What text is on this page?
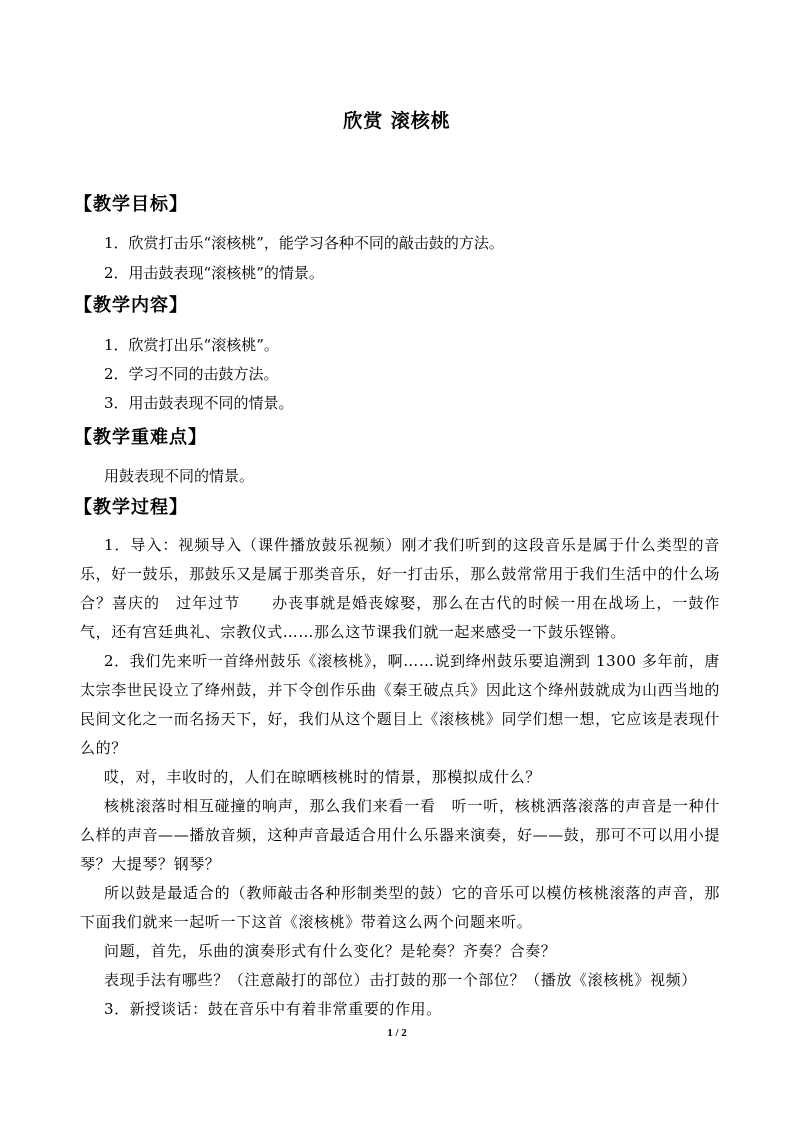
欣赏 滚核桃
【教学目标】
1．欣赏打击乐“滚核桃”，能学习各种不同的敲击鼓的方法。
2．用击鼓表现“滚核桃”的情景。
【教学内容】
1．欣赏打出乐“滚核桃”。
2．学习不同的击鼓方法。
3．用击鼓表现不同的情景。
【教学重难点】
用鼓表现不同的情景。
【教学过程】
1．导入：视频导入（课件播放鼓乐视频）刚才我们听到的这段音乐是属于什么类型的音乐，好一鼓乐，那鼓乐又是属于那类音乐，好一打击乐，那么鼓常常用于我们生活中的什么场合？喜庆的　过年过节　　办丧事就是婚丧嫁娶，那么在古代的时候一用在战场上，一鼓作气，还有宫廷典礼、宗教仪式……那么这节课我们就一起来感受一下鼓乐铿锵。
2．我们先来听一首绛州鼓乐《滚核桃》，啊……说到绛州鼓乐要追溯到 1300 多年前，唐太宗李世民设立了绛州鼓，并下令创作乐曲《秦王破点兵》因此这个绛州鼓就成为山西当地的民间文化之一而名扬天下，好，我们从这个题目上《滚核桃》同学们想一想，它应该是表现什么的？
哎，对，丰收时的，人们在晾晒核桃时的情景，那模拟成什么？
核桃滚落时相互碰撞的响声，那么我们来看一看　听一听，核桃洒落滚落的声音是一种什么样的声音——播放音频，这种声音最适合用什么乐器来演奏，好——鼓，那可不可以用小提琴？大提琴？钢琴？
所以鼓是最适合的（教师敲击各种形制类型的鼓）它的音乐可以模仿核桃滚落的声音，那下面我们就来一起听一下这首《滚核桃》带着这么两个问题来听。
问题，首先，乐曲的演奏形式有什么变化？是轮奏？齐奏？合奏？
表现手法有哪些？（注意敲打的部位）击打鼓的那一个部位？（播放《滚核桃》视频）
3．新授谈话：鼓在音乐中有着非常重要的作用。
1 / 2
